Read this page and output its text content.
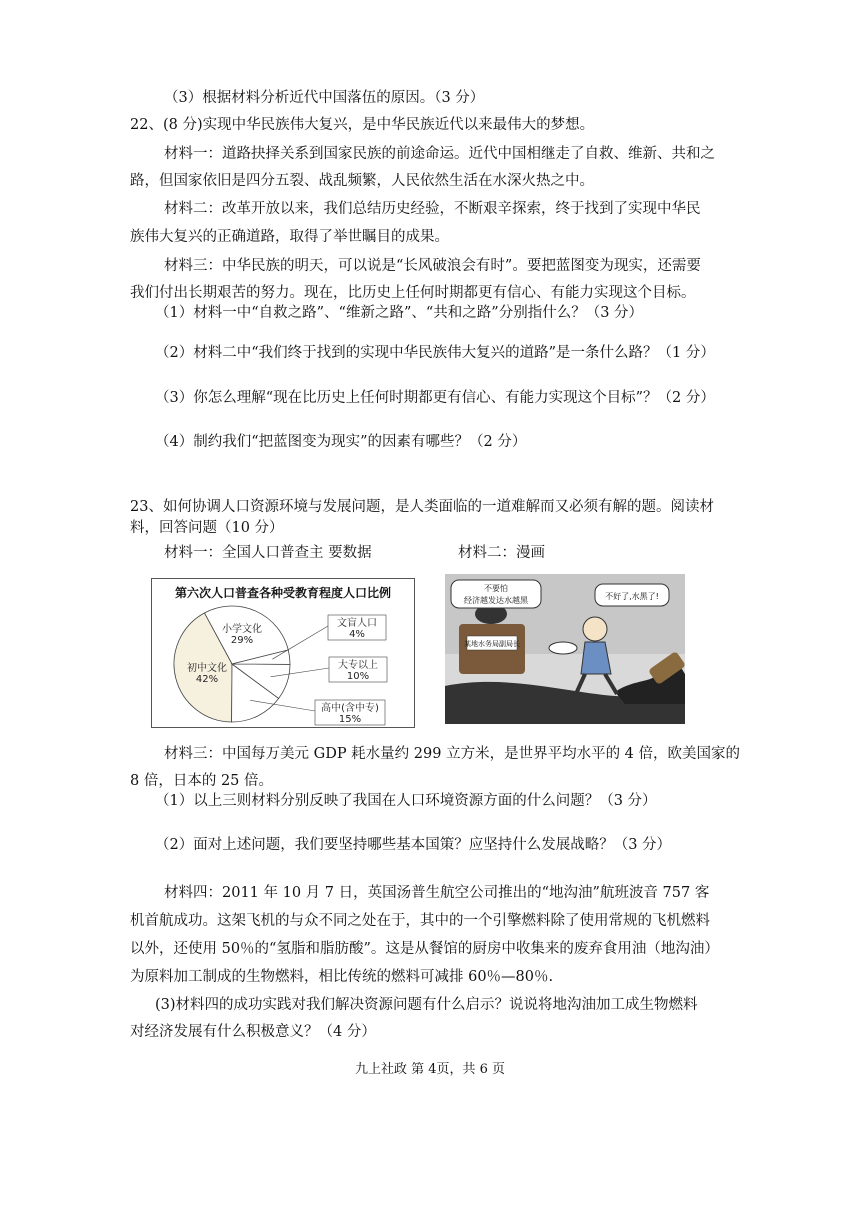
（3）根据材料分析近代中国落伍的原因。（3 分）
22、(8 分)实现中华民族伟大复兴，是中华民族近代以来最伟大的梦想。
材料一：道路抉择关系到国家民族的前途命运。近代中国相继走了自救、维新、共和之
路，但国家依旧是四分五裂、战乱频繁，人民依然生活在水深火热之中。
材料二：改革开放以来，我们总结历史经验，不断艰辛探索，终于找到了实现中华民
族伟大复兴的正确道路，取得了举世瞩目的成果。
材料三：中华民族的明天，可以说是“长风破浪会有时”。要把蓝图变为现实，还需要
我们付出长期艰苦的努力。现在，比历史上任何时期都更有信心、有能力实现这个目标。
（1）材料一中“自救之路”、“维新之路”、“共和之路”分别指什么？（3 分）
（2）材料二中“我们终于找到的实现中华民族伟大复兴的道路”是一条什么路？（1 分）
（3）你怎么理解“现在比历史上任何时期都更有信心、有能力实现这个目标”？（2 分）
（4）制约我们“把蓝图变为现实”的因素有哪些？（2 分）
23、如何协调人口资源环境与发展问题，是人类面临的一道难解而又必须有解的题。阅读材
料，回答问题（10 分）
材料一：全国人口普查主 要数据	材料二：漫画
第六次人口普查各种受教育程度人口比例
小学文化
29%
初中文化
42%
高中(含中专)
15%
大专以上
10%
文盲人口
4%
某地水务局副局长
不要怕
经济越发达水越黑	不好了,水黑了!
材料三：中国每万美元 GDP 耗水量约 299 立方米，是世界平均水平的 4 倍，欧美国家的
8 倍，日本的 25 倍。
（1）以上三则材料分别反映了我国在人口环境资源方面的什么问题？（3 分）
（2）面对上述问题，我们要坚持哪些基本国策？应坚持什么发展战略？（3 分）
材料四：2011 年 10 月 7 日，英国汤普生航空公司推出的“地沟油”航班波音 757 客
机首航成功。这架飞机的与众不同之处在于，其中的一个引擎燃料除了使用常规的飞机燃料
以外，还使用 50％的“氢脂和脂肪酸”。这是从餐馆的厨房中收集来的废弃食用油（地沟油）
为原料加工制成的生物燃料，相比传统的燃料可减排 60％—80％.
(3)材料四的成功实践对我们解决资源问题有什么启示？说说将地沟油加工成生物燃料
对经济发展有什么积极意义？（4 分）
九上社政 第 4页，共 6 页
